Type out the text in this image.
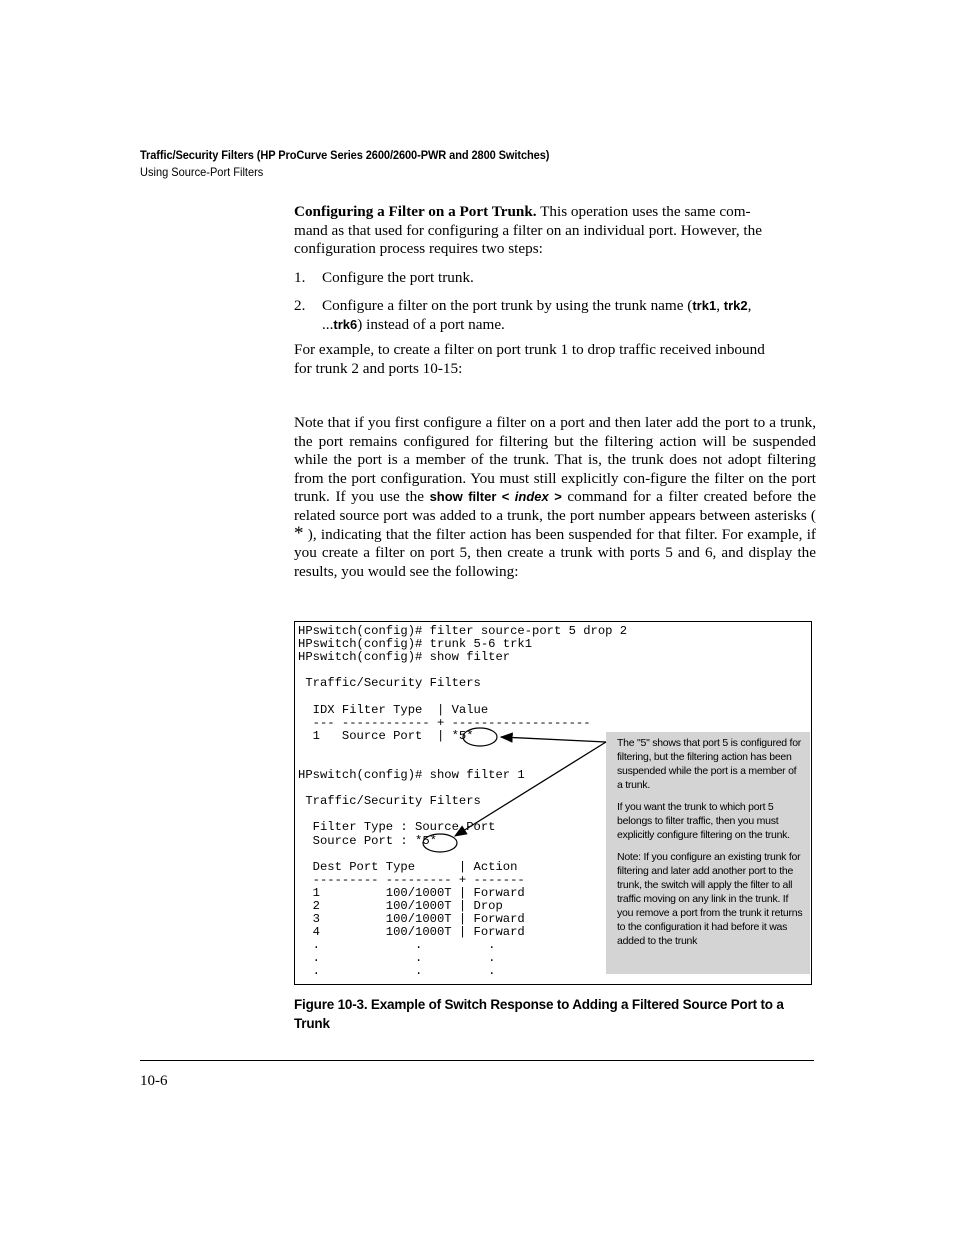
Traffic/Security Filters (HP ProCurve Series 2600/2600-PWR and 2800 Switches)
Using Source-Port Filters
Configuring a Filter on a Port Trunk. This operation uses the same com-
mand as that used for configuring a filter on an individual port. However, the
configuration process requires two steps:
1. Configure the port trunk.
2. Configure a filter on the port trunk by using the trunk name (trk1, trk2,
...trk6) instead of a port name.
For example, to create a filter on port trunk 1 to drop traffic received inbound
for trunk 2 and ports 10-15:
Note that if you first configure a filter on a port and then later add the port to a trunk, the port remains configured for filtering but the filtering action will be suspended while the port is a member of the trunk. That is, the trunk does not adopt filtering from the port configuration. You must still explicitly con-figure the filter on the port trunk. If you use the show filter < index > command for a filter created before the related source port was added to a trunk, the port number appears between asterisks ( * ), indicating that the filter action has been suspended for that filter. For example, if you create a filter on port 5, then create a trunk with ports 5 and 6, and display the results, you would see the following:
HPswitch(config)# filter source-port 5 drop 2
HPswitch(config)# trunk 5-6 trk1
HPswitch(config)# show filter

Traffic/Security Filters

IDX Filter Type  | Value
--- ------------ + -------------------
1   Source Port  | *5*

HPswitch(config)# show filter 1

Traffic/Security Filters

Filter Type : Source Port
Source Port : *5*

Dest Port Type      | Action
--------- --------- + -------
1         100/1000T | Forward
2         100/1000T | Drop
3         100/1000T | Forward
4         100/1000T | Forward
.             .         .
.             .         .
.             .         .

The "5" shows that port 5 is configured for filtering, but the filtering action has been suspended while the port is a member of a trunk.

If you want the trunk to which port 5 belongs to filter traffic, then you must explicitly configure filtering on the trunk.

Note: If you configure an existing trunk for filtering and later add another port to the trunk, the switch will apply the filter to all traffic moving on any link in the trunk. If you remove a port from the trunk it returns to the configuration it had before it was added to the trunk

Figure 10-3. Example of Switch Response to Adding a Filtered Source Port to a Trunk
10-6
